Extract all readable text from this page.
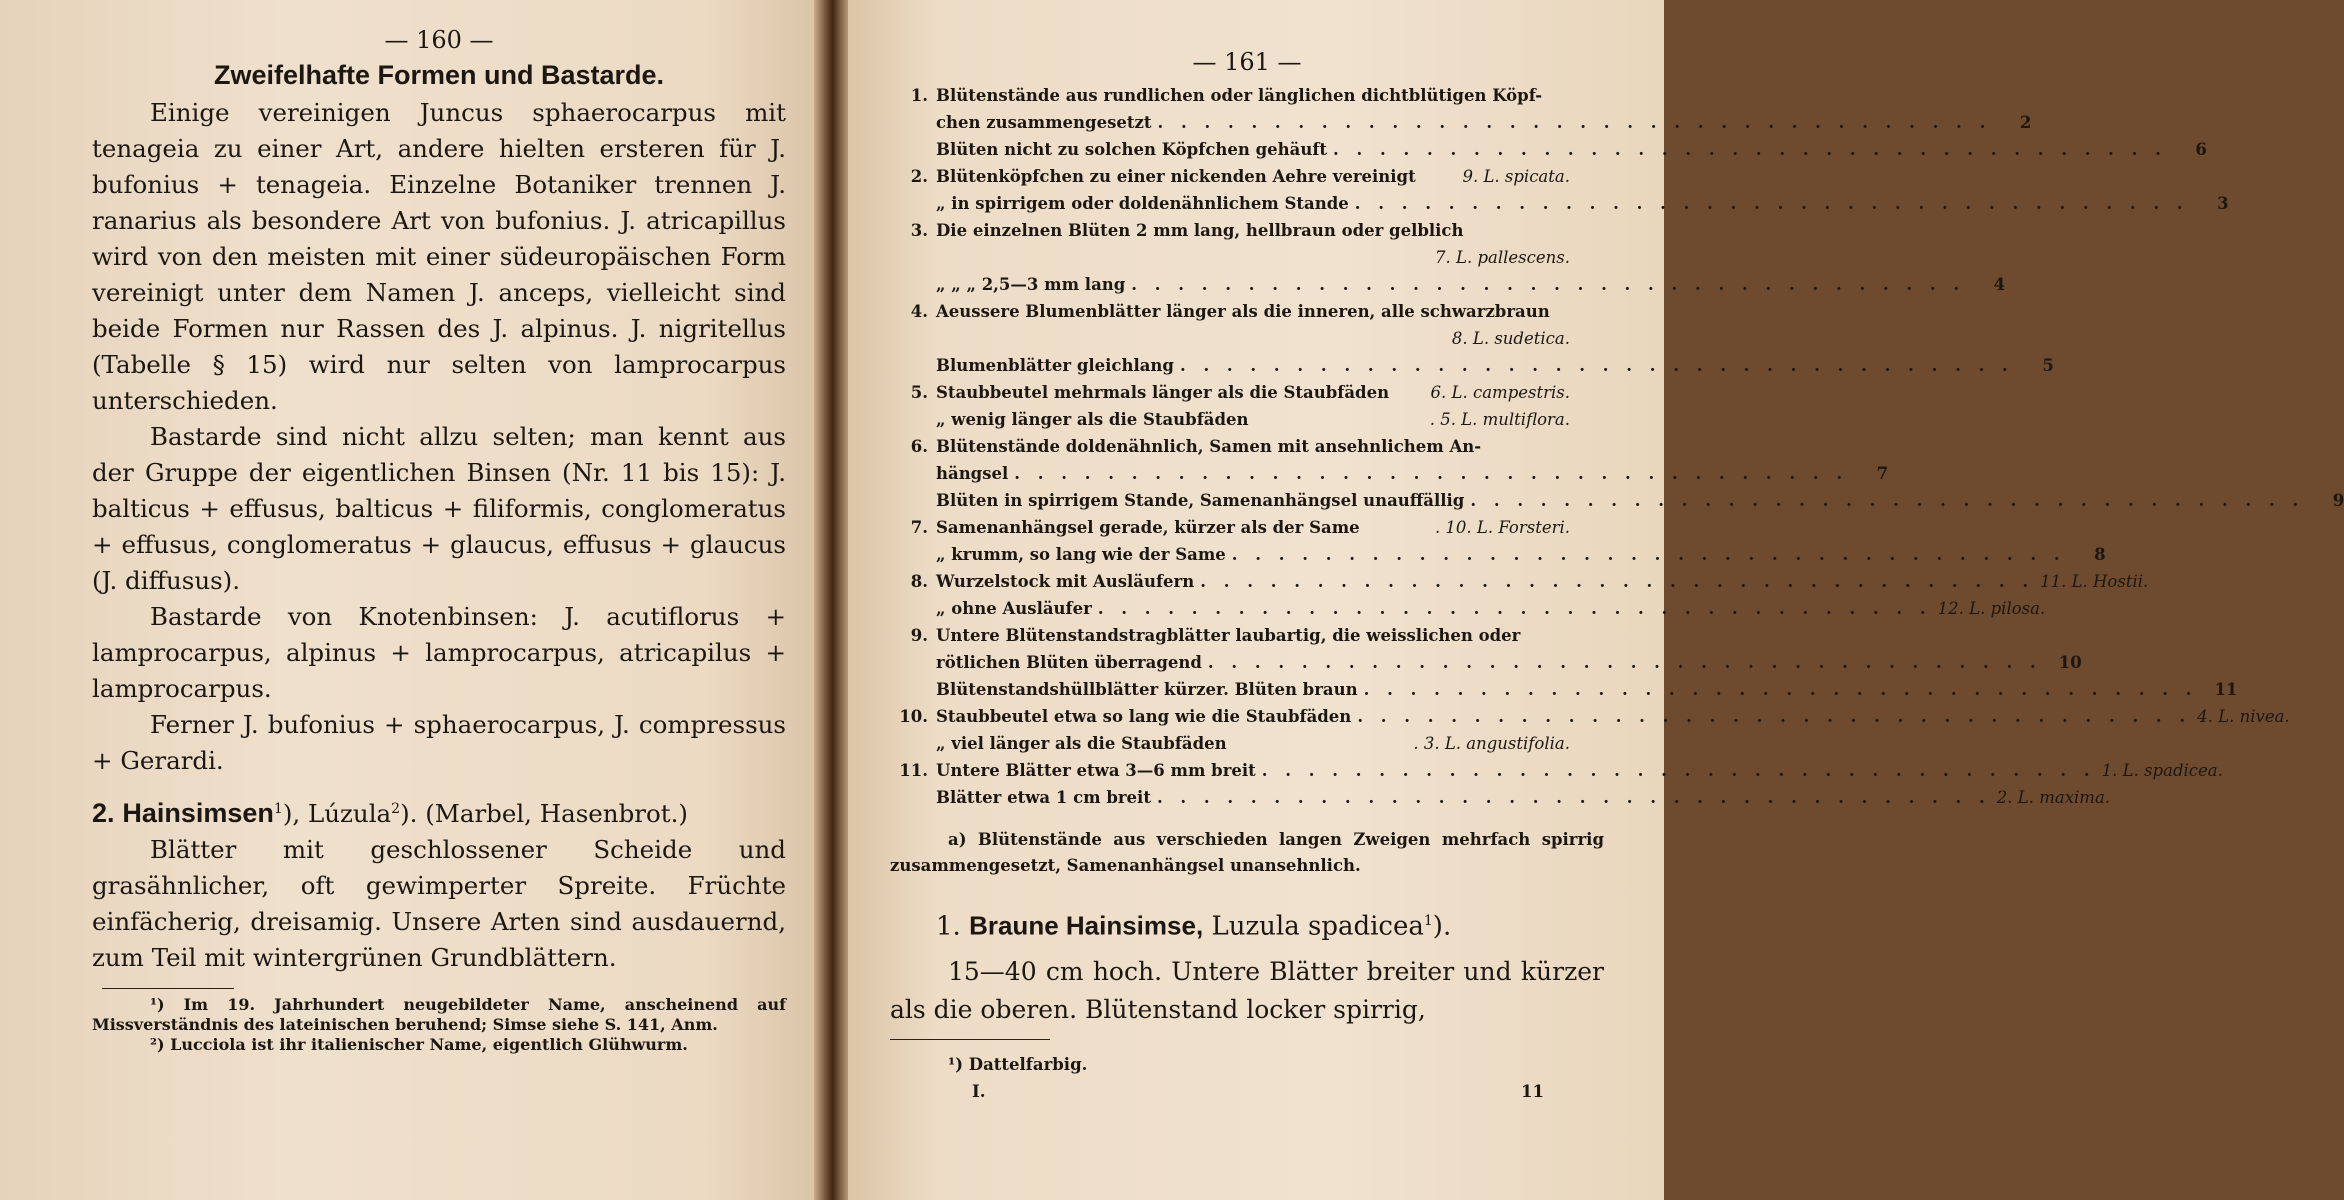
— 160 —
Zweifelhafte Formen und Bastarde.

Einige vereinigen Juncus sphaerocarpus mit tenageia zu einer Art, andere hielten ersteren für J. bufonius + tenageia. Einzelne Botaniker trennen J. ranarius als besondere Art von bufonius. J. atricapillus wird von den meisten mit einer südeuropäischen Form vereinigt unter dem Namen J. anceps, vielleicht sind beide Formen nur Rassen des J. alpinus. J. nigritellus (Tabelle § 15) wird nur selten von lamprocarpus unterschieden.

Bastarde sind nicht allzu selten; man kennt aus der Gruppe der eigentlichen Binsen (Nr. 11 bis 15): J. balticus + effusus, balticus + filiformis, conglomeratus + effusus, conglomeratus + glaucus, effusus + glaucus (J. diffusus).

Bastarde von Knotenbinsen: J. acutiflorus + lamprocarpus, alpinus + lamprocarpus, atricapilus + lamprocarpus.

Ferner J. bufonius + sphaerocarpus, J. compressus + Gerardi.

2. Hainsimsen$^1$), Lúzula$^2$). (Marbel, Hasenbrot.)

Blätter mit geschlossener Scheide und grasähnlicher, oft gewimperter Spreite. Früchte einfächerig, dreisamig. Unsere Arten sind ausdauernd, zum Teil mit wintergrünen Grundblättern.

¹) Im 19. Jahrhundert neugebildeter Name, anscheinend auf Missverständnis des lateinischen beruhend; Simse siehe S. 141, Anm.

²) Lucciola ist ihr italienischer Name, eigentlich Glühwurm.

— 161 —
1. Blütenstände aus rundlichen oder länglichen dichtblütigen Köpf-
chen zusammengesetzt . . . . . . . . . . . . . . . . . . . . . . . . . . . . . . . . . . . .	2
Blüten nicht zu solchen Köpfchen gehäuft . . . . . . . . . . . . . . . . . . . . . . . . . . . . . . . . . . . .	6
2. Blütenköpfchen zu einer nickenden Aehre vereinigt	9. L. spicata.
„ in spirrigem oder doldenähnlichem Stande . . . . . . . . . . . . . . . . . . . . . . . . . . . . . . . . . . . .	3
3. Die einzelnen Blüten 2 mm lang, hellbraun oder gelblich
7. L. pallescens.
„ „ „ 2,5—3 mm lang . . . . . . . . . . . . . . . . . . . . . . . . . . . . . . . . . . . .	4
4. Aeussere Blumenblätter länger als die inneren, alle schwarzbraun
8. L. sudetica.
Blumenblätter gleichlang . . . . . . . . . . . . . . . . . . . . . . . . . . . . . . . . . . . .	5
5. Staubbeutel mehrmals länger als die Staubfäden	6. L. campestris.
„ wenig länger als die Staubfäden	. 5. L. multiflora.
6. Blütenstände doldenähnlich, Samen mit ansehnlichem An-
hängsel . . . . . . . . . . . . . . . . . . . . . . . . . . . . . . . . . . . .	7
Blüten in spirrigem Stande, Samenanhängsel unauffällig . . . . . . . . . . . . . . . . . . . . . . . . . . . . . . . . . . . .	9
7. Samenanhängsel gerade, kürzer als der Same	. 10. L. Forsteri.
„ krumm, so lang wie der Same . . . . . . . . . . . . . . . . . . . . . . . . . . . . . . . . . . . .	8
8. Wurzelstock mit Ausläufern . . . . . . . . . . . . . . . . . . . . . . . . . . . . . . . . . . . . 11. L. Hostii.
„ ohne Ausläufer . . . . . . . . . . . . . . . . . . . . . . . . . . . . . . . . . . . . 12. L. pilosa.
9. Untere Blütenstandstragblätter laubartig, die weisslichen oder
rötlichen Blüten überragend . . . . . . . . . . . . . . . . . . . . . . . . . . . . . . . . . . . .	10
Blütenstandshüllblätter kürzer. Blüten braun . . . . . . . . . . . . . . . . . . . . . . . . . . . . . . . . . . . .	11
10. Staubbeutel etwa so lang wie die Staubfäden . . . . . . . . . . . . . . . . . . . . . . . . . . . . . . . . . . . . 4. L. nivea.
„ viel länger als die Staubfäden	. 3. L. angustifolia.
11. Untere Blätter etwa 3—6 mm breit . . . . . . . . . . . . . . . . . . . . . . . . . . . . . . . . . . . . 1. L. spadicea.
Blätter etwa 1 cm breit . . . . . . . . . . . . . . . . . . . . . . . . . . . . . . . . . . . . 2. L. maxima.
a) Blütenstände aus verschieden langen Zweigen mehrfach spirrig zusammengesetzt, Samenanhängsel unansehnlich.
1. Braune Hainsimse, Luzula spadicea$^1$).

15—40 cm hoch. Untere Blätter breiter und kürzer als die oberen. Blütenstand locker spirrig,

¹) Dattelfarbig.
I.	11
